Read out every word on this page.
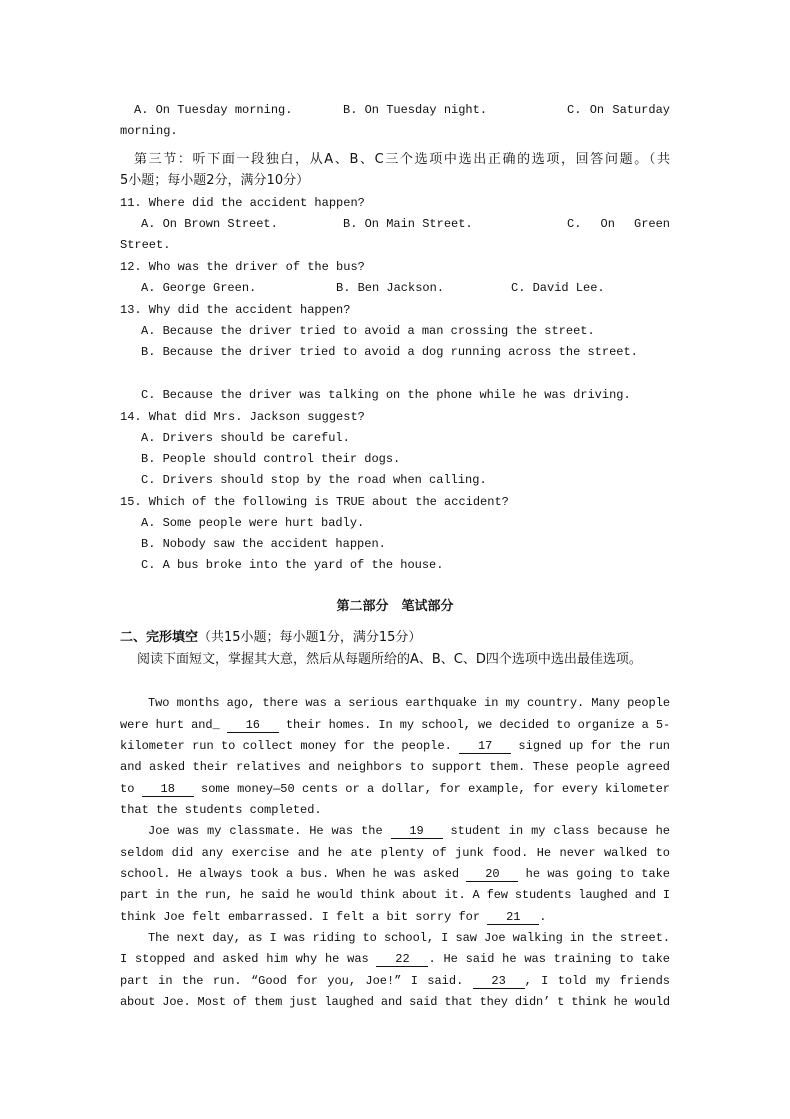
A. On Tuesday morning.	B. On Tuesday night.	C. On Saturday
morning.
第三节：听下面一段独白，从A、B、C三个选项中选出正确的选项，回答问题。（共
5小题；每小题2分，满分10分）
11. Where did the accident happen?
A. On Brown Street.	B. On Main Street.	C. On Green
Street.
12. Who was the driver of the bus?
A. George Green.	B. Ben Jackson.	C. David Lee.
13. Why did the accident happen?
A. Because the driver tried to avoid a man crossing the street.
B. Because the driver tried to avoid a dog running across the street.
C. Because the driver was talking on the phone while he was driving.
14. What did Mrs. Jackson suggest?
A. Drivers should be careful.
B. People should control their dogs.
C. Drivers should stop by the road when calling.
15. Which of the following is TRUE about the accident?
A. Some people were hurt badly.
B. Nobody saw the accident happen.
C. A bus broke into the yard of the house.
第二部分　笔试部分
二、完形填空（共15小题；每小题1分，满分15分）
阅读下面短文，掌握其大意，然后从每题所给的A、B、C、D四个选项中选出最佳选项。
Two months ago, there was a serious earthquake in my country. Many people
were hurt and_ 16 their homes. In my school, we decided to organize a 5-
kilometer run to collect money for the people. 17 signed up for the run
and asked their relatives and neighbors to support them. These people agreed
to 18 some money—50 cents or a dollar, for example, for every kilometer
that the students completed.
Joe was my classmate. He was the 19 student in my class because he
seldom did any exercise and he ate plenty of junk food. He never walked to
school. He always took a bus. When he was asked 20 he was going to take
part in the run, he said he would think about it. A few students laughed and I
think Joe felt embarrassed. I felt a bit sorry for 21 .
The next day, as I was riding to school, I saw Joe walking in the street.
I stopped and asked him why he was 22 . He said he was training to take
part in the run. “Good for you, Joe!” I said. 23 , I told my friends
about Joe. Most of them just laughed and said that they didn’ t think he would
